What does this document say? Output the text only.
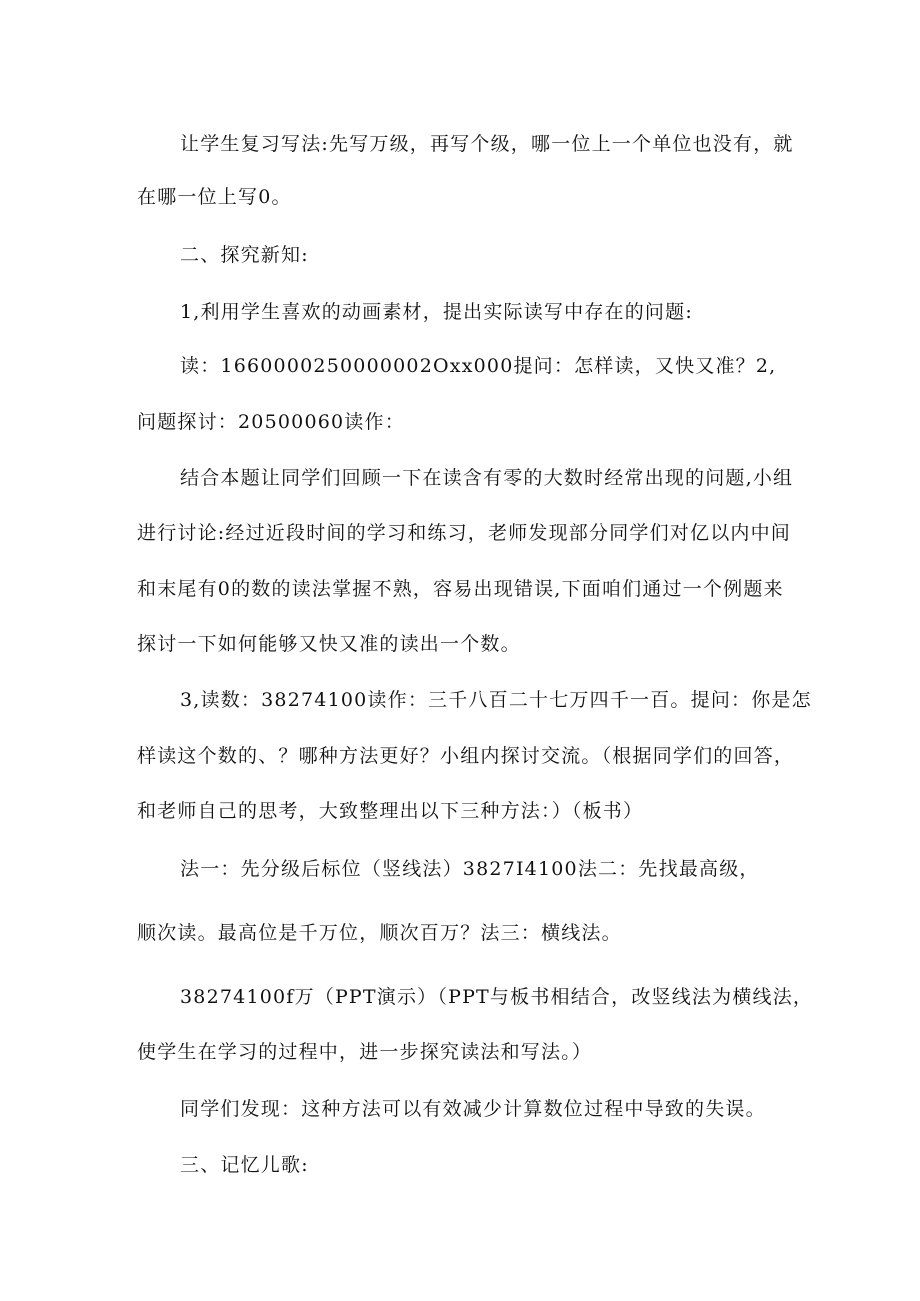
让学生复习写法:先写万级，再写个级，哪一位上一个单位也没有，就
在哪一位上写0。
二、探究新知:
1,利用学生喜欢的动画素材，提出实际读写中存在的问题:
读：1660000250000002Oxx000提问：怎样读，又快又准？2,
问题探讨：20500060读作：
结合本题让同学们回顾一下在读含有零的大数时经常出现的问题,小组
进行讨论:经过近段时间的学习和练习，老师发现部分同学们对亿以内中间
和末尾有0的数的读法掌握不熟，容易出现错误,下面咱们通过一个例题来
探讨一下如何能够又快又准的读出一个数。
3,读数：38274100读作：三千八百二十七万四千一百。提问：你是怎
样读这个数的、？哪种方法更好？小组内探讨交流。（根据同学们的回答，
和老师自己的思考，大致整理出以下三种方法：）（板书）
法一：先分级后标位（竖线法）3827I4100法二：先找最高级，
顺次读。最高位是千万位，顺次百万？法三：横线法。
38274100f万（PPT演示）（PPT与板书相结合，改竖线法为横线法，
使学生在学习的过程中，进一步探究读法和写法。）
同学们发现：这种方法可以有效减少计算数位过程中导致的失误。
三、记忆儿歌:
